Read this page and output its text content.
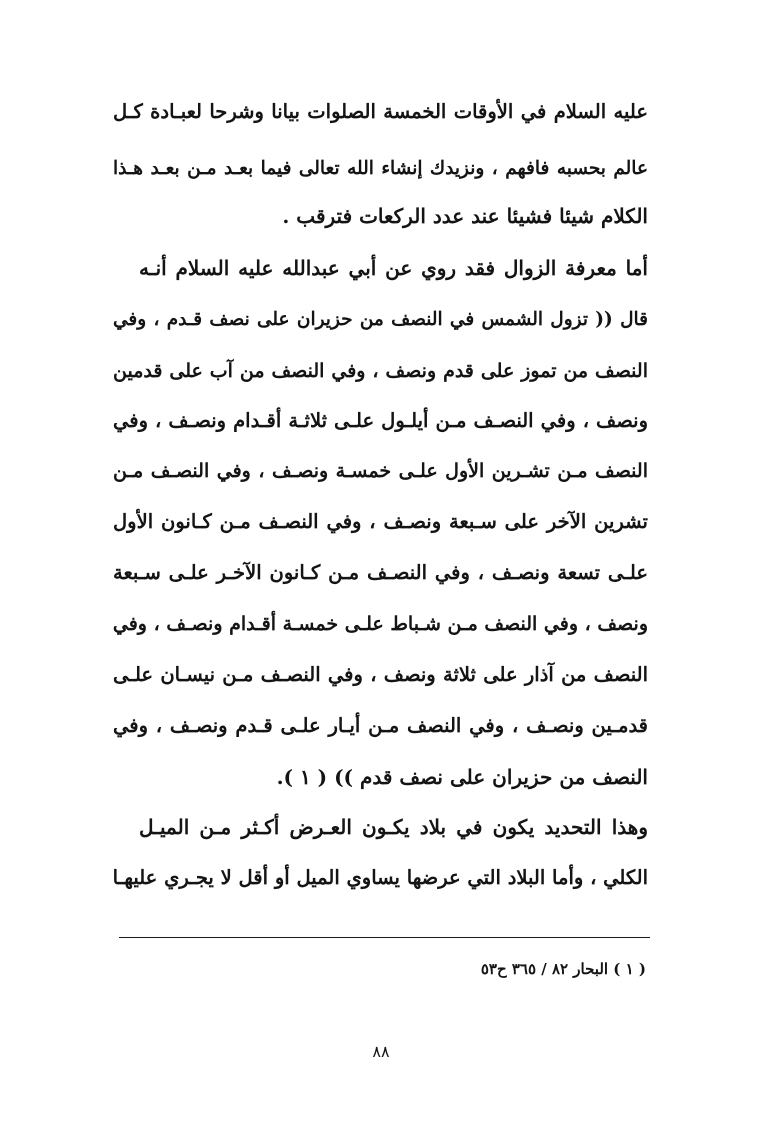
عليه السلام في الأوقات الخمسة الصلوات بيانا وشرحا لعبـادة كـل
عالم بحسبه فافهم ، ونزيدك إنشاء الله تعالى فيما بعـد مـن بعـد هـذا
الكلام شيئا فشيئا عند عدد الركعات فترقب .
أما معرفة الزوال فقد روي عن أبي عبدالله عليه السلام أنـه
قال (( تزول الشمس في النصف من حزيران على نصف قـدم ، وفي
النصف من تموز على قدم ونصف ، وفي النصف من آب على قدمين
ونصف ، وفي النصـف مـن أيلـول علـى ثلاثـة أقـدام ونصـف ، وفي
النصف مـن تشـرين الأول علـى خمسـة ونصـف ، وفي النصـف مـن
تشرين الآخر على سـبعة ونصـف ، وفي النصـف مـن كـانون الأول
علـى تسعة ونصـف ، وفي النصـف مـن كـانون الآخـر علـى سـبعة
ونصف ، وفي النصف مـن شـباط علـى خمسـة أقـدام ونصـف ، وفي
النصف من آذار على ثلاثة ونصف ، وفي النصـف مـن نيسـان علـى
قدمـين ونصـف ، وفي النصف مـن أيـار علـى قـدم ونصـف ، وفي
النصف من حزيران على نصف قدم )) ( ١ ).
وهذا التحديد يكون في بلاد يكـون العـرض أكـثر مـن الميـل
الكلي ، وأما البلاد التي عرضها يساوي الميل أو أقل لا يجـري عليهـا
( ١ ) البحار ٨٢ / ٣٦٥ ح٥٣
٨٨
